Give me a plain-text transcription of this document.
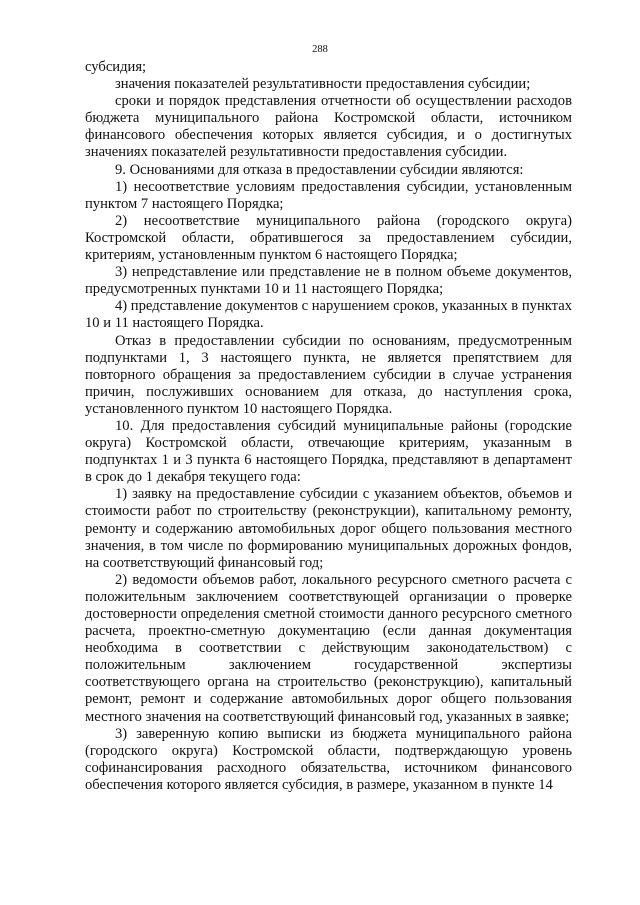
288

субсидия;

значения показателей результативности предоставления субсидии;

сроки и порядок представления отчетности об осуществлении расходов бюджета муниципального района Костромской области, источником финансового обеспечения которых является субсидия, и о достигнутых значениях показателей результативности предоставления субсидии.

9. Основаниями для отказа в предоставлении субсидии являются:

1) несоответствие условиям предоставления субсидии, установленным пунктом 7 настоящего Порядка;

2) несоответствие муниципального района (городского округа) Костромской области, обратившегося за предоставлением субсидии, критериям, установленным пунктом 6 настоящего Порядка;

3) непредставление или представление не в полном объеме документов, предусмотренных пунктами 10 и 11 настоящего Порядка;

4) представление документов с нарушением сроков, указанных в пунктах 10 и 11 настоящего Порядка.

Отказ в предоставлении субсидии по основаниям, предусмотренным подпунктами 1, 3 настоящего пункта, не является препятствием для повторного обращения за предоставлением субсидии в случае устранения причин, послуживших основанием для отказа, до наступления срока, установленного пунктом 10 настоящего Порядка.

10. Для предоставления субсидий муниципальные районы (городские округа) Костромской области, отвечающие критериям, указанным в подпунктах 1 и 3 пункта 6 настоящего Порядка, представляют в департамент в срок до 1 декабря текущего года:

1) заявку на предоставление субсидии с указанием объектов, объемов и стоимости работ по строительству (реконструкции), капитальному ремонту, ремонту и содержанию автомобильных дорог общего пользования местного значения, в том числе по формированию муниципальных дорожных фондов, на соответствующий финансовый год;

2) ведомости объемов работ, локального ресурсного сметного расчета с положительным заключением соответствующей организации о проверке достоверности определения сметной стоимости данного ресурсного сметного расчета, проектно-сметную документацию (если данная документация необходима в соответствии с действующим законодательством) с положительным заключением государственной экспертизы соответствующего органа на строительство (реконструкцию), капитальный ремонт, ремонт и содержание автомобильных дорог общего пользования местного значения на соответствующий финансовый год, указанных в заявке;

3) заверенную копию выписки из бюджета муниципального района (городского округа) Костромской области, подтверждающую уровень софинансирования расходного обязательства, источником финансового обеспечения которого является субсидия, в размере, указанном в пункте 14
